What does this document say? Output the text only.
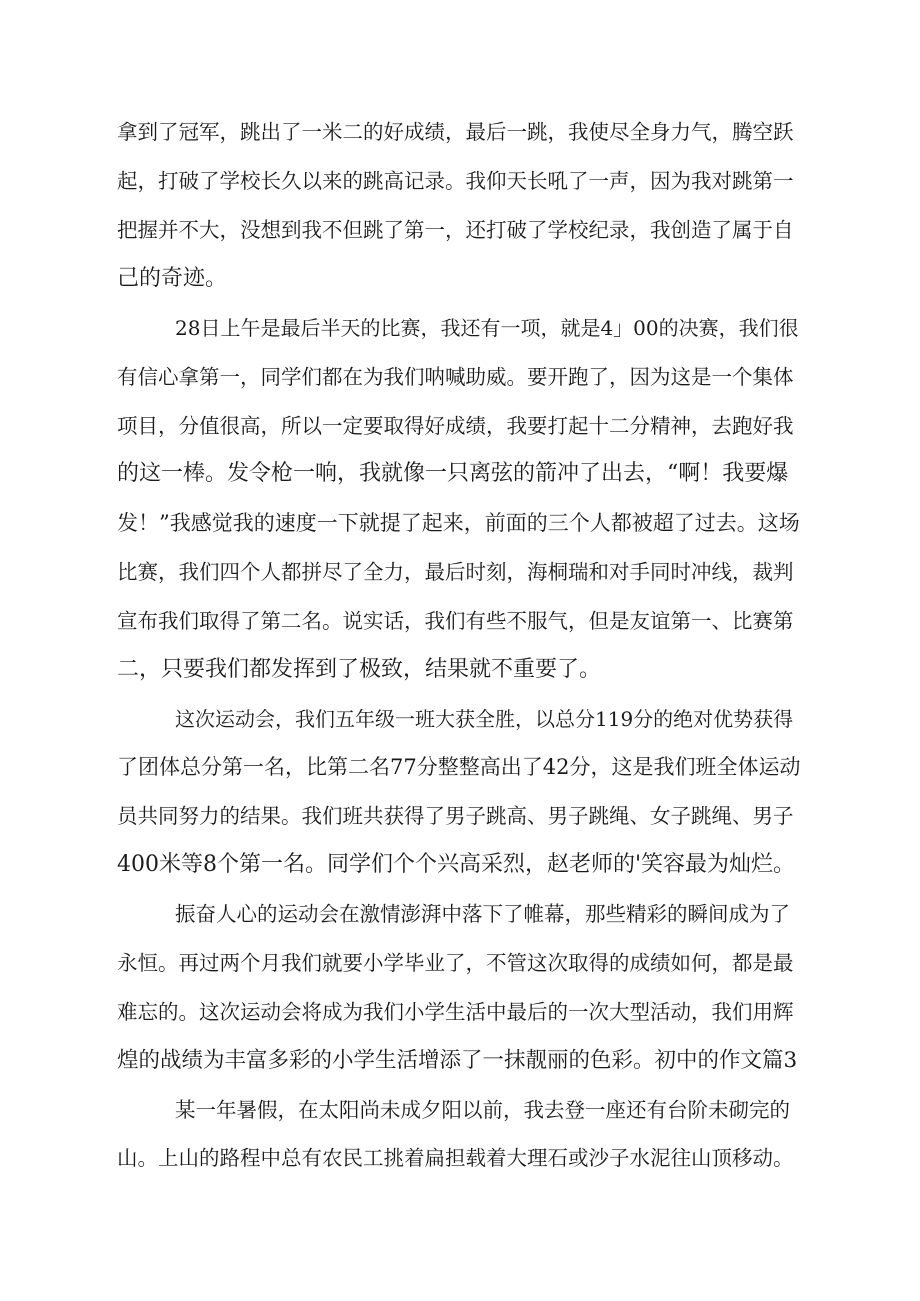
拿到了冠军，跳出了一米二的好成绩，最后一跳，我使尽全身力气，腾空跃
起，打破了学校长久以来的跳高记录。我仰天长吼了一声，因为我对跳第一
把握并不大，没想到我不但跳了第一，还打破了学校纪录，我创造了属于自
己的奇迹。
28日上午是最后半天的比赛，我还有一项，就是4」00的决赛，我们很
有信心拿第一，同学们都在为我们呐喊助威。要开跑了，因为这是一个集体
项目，分值很高，所以一定要取得好成绩，我要打起十二分精神，去跑好我
的这一棒。发令枪一响，我就像一只离弦的箭冲了出去，“啊！我要爆
发！”我感觉我的速度一下就提了起来，前面的三个人都被超了过去。这场
比赛，我们四个人都拼尽了全力，最后时刻，海桐瑞和对手同时冲线，裁判
宣布我们取得了第二名。说实话，我们有些不服气，但是友谊第一、比赛第
二，只要我们都发挥到了极致，结果就不重要了。
这次运动会，我们五年级一班大获全胜，以总分119分的绝对优势获得
了团体总分第一名，比第二名77分整整高出了42分，这是我们班全体运动
员共同努力的结果。我们班共获得了男子跳高、男子跳绳、女子跳绳、男子
400米等8个第一名。同学们个个兴高采烈，赵老师的'笑容最为灿烂。
振奋人心的运动会在激情澎湃中落下了帷幕，那些精彩的瞬间成为了
永恒。再过两个月我们就要小学毕业了，不管这次取得的成绩如何，都是最
难忘的。这次运动会将成为我们小学生活中最后的一次大型活动，我们用辉
煌的战绩为丰富多彩的小学生活增添了一抹靓丽的色彩。初中的作文篇3
某一年暑假，在太阳尚未成夕阳以前，我去登一座还有台阶未砌完的
山。上山的路程中总有农民工挑着扁担载着大理石或沙子水泥往山顶移动。
